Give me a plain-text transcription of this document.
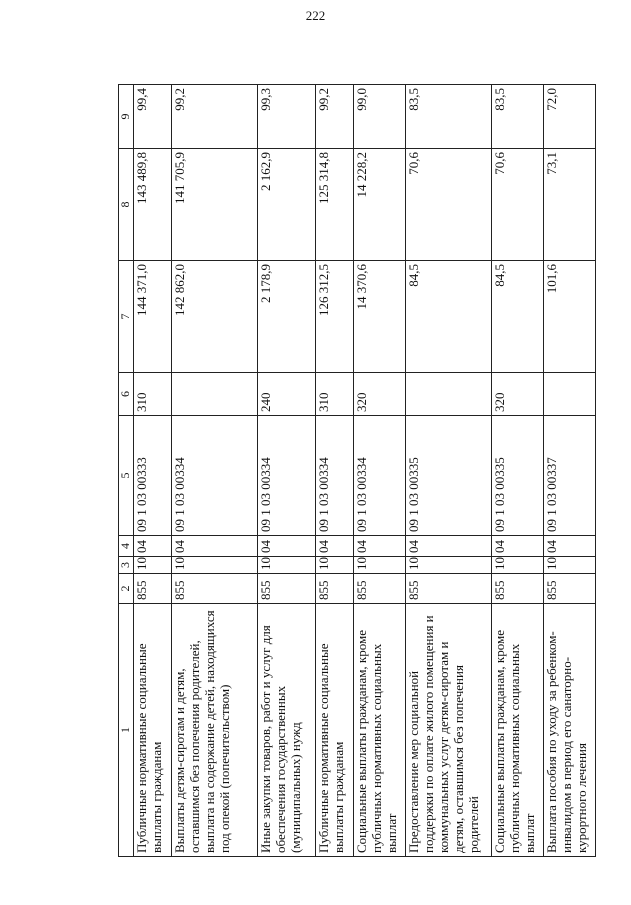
222
1	2	3	4	5	6	7	8	9
Публичные нормативные социальные выплаты гражданам	855	10	04	09 1 03 00333	310	144 371,0	143 489,8	99,4
Выплаты детям-сиротам и детям, оставшимся без попечения родителей, выплата на содержание детей, находящихся под опекой (попечительством)	855	10	04	09 1 03 00334		142 862,0	141 705,9	99,2
Иные закупки товаров, работ и услуг для обеспечения государственных (муниципальных) нужд	855	10	04	09 1 03 00334	240	2 178,9	2 162,9	99,3
Публичные нормативные социальные выплаты гражданам	855	10	04	09 1 03 00334	310	126 312,5	125 314,8	99,2
Социальные выплаты гражданам, кроме публичных нормативных социальных выплат	855	10	04	09 1 03 00334	320	14 370,6	14 228,2	99,0
Предоставление мер социальной поддержки по оплате жилого помещения и коммунальных услуг детям-сиротам и детям, оставшимся без попечения родителей	855	10	04	09 1 03 00335		84,5	70,6	83,5
Социальные выплаты гражданам, кроме публичных нормативных социальных выплат	855	10	04	09 1 03 00335	320	84,5	70,6	83,5
Выплата пособия по уходу за ребенком-инвалидом в период его санаторно-курортного лечения	855	10	04	09 1 03 00337		101,6	73,1	72,0
